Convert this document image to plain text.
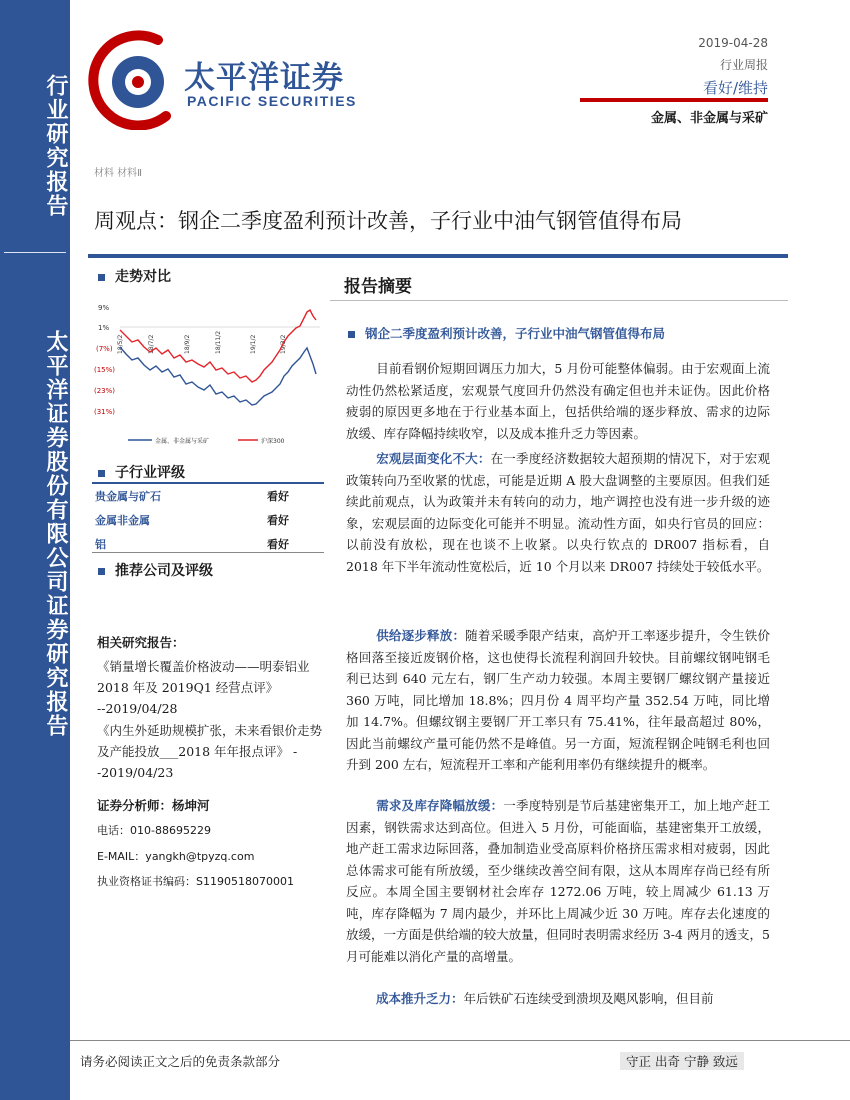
行业研究报告
太平洋证券股份有限公司证券研究报告
太平洋证券
PACIFIC SECURITIES
2019-04-28
行业周报
看好/维持
金属、非金属与采矿
材料 材料Ⅱ
周观点：钢企二季度盈利预计改善，子行业中油气钢管值得布局
走势对比
9%
1%
(7%)
(15%)
(23%)
(31%)
18/5/2	18/7/2	18/9/2	18/11/2	19/1/2	19/3/2
金属、非金属与采矿	沪深300
子行业评级
贵金属与矿石	看好
金属非金属	看好
铝	看好
推荐公司及评级
相关研究报告：
《销量增长覆盖价格波动——明泰铝业 2018 年及 2019Q1 经营点评》
--2019/04/28
《内生外延助规模扩张，未来看银价走势及产能投放___2018 年年报点评》 --2019/04/23
证券分析师：杨坤河
电话：010-88695229
E-MAIL：yangkh@tpyzq.com
执业资格证书编码：S1190518070001
报告摘要
钢企二季度盈利预计改善，子行业中油气钢管值得布局
目前看钢价短期回调压力加大，5 月份可能整体偏弱。由于宏观面上流动性仍然松紧适度，宏观景气度回升仍然没有确定但也并未证伪。因此价格疲弱的原因更多地在于行业基本面上，包括供给端的逐步释放、需求的边际放缓、库存降幅持续收窄，以及成本推升乏力等因素。
宏观层面变化不大：在一季度经济数据较大超预期的情况下，对于宏观政策转向乃至收紧的忧虑，可能是近期 A 股大盘调整的主要原因。但我们延续此前观点，认为政策并未有转向的动力，地产调控也没有进一步升级的迹象，宏观层面的边际变化可能并不明显。流动性方面，如央行官员的回应：以前没有放松，现在也谈不上收紧。以央行钦点的 DR007 指标看，自 2018 年下半年流动性宽松后，近 10 个月以来 DR007 持续处于较低水平。
供给逐步释放：随着采暖季限产结束，高炉开工率逐步提升，令生铁价格回落至接近废钢价格，这也使得长流程利润回升较快。目前螺纹钢吨钢毛利已达到 640 元左右，钢厂生产动力较强。本周主要钢厂螺纹钢产量接近 360 万吨，同比增加 18.8%；四月份 4 周平均产量 352.54 万吨，同比增加 14.7%。但螺纹钢主要钢厂开工率只有 75.41%，往年最高超过 80%，因此当前螺纹产量可能仍然不是峰值。另一方面，短流程钢企吨钢毛利也回升到 200 左右，短流程开工率和产能利用率仍有继续提升的概率。
需求及库存降幅放缓：一季度特别是节后基建密集开工，加上地产赶工因素，钢铁需求达到高位。但进入 5 月份，可能面临，基建密集开工放缓，地产赶工需求边际回落，叠加制造业受高原料价格挤压需求相对疲弱，因此总体需求可能有所放缓，至少继续改善空间有限，这从本周库存尚已经有所反应。本周全国主要钢材社会库存 1272.06 万吨，较上周减少 61.13 万吨，库存降幅为 7 周内最少，并环比上周减少近 30 万吨。库存去化速度的放缓，一方面是供给端的较大放量，但同时表明需求经历 3-4 两月的透支，5 月可能难以消化产量的高增量。
成本推升乏力：年后铁矿石连续受到溃坝及飓风影响，但目前
请务必阅读正文之后的免责条款部分	守正 出奇 宁静 致远
